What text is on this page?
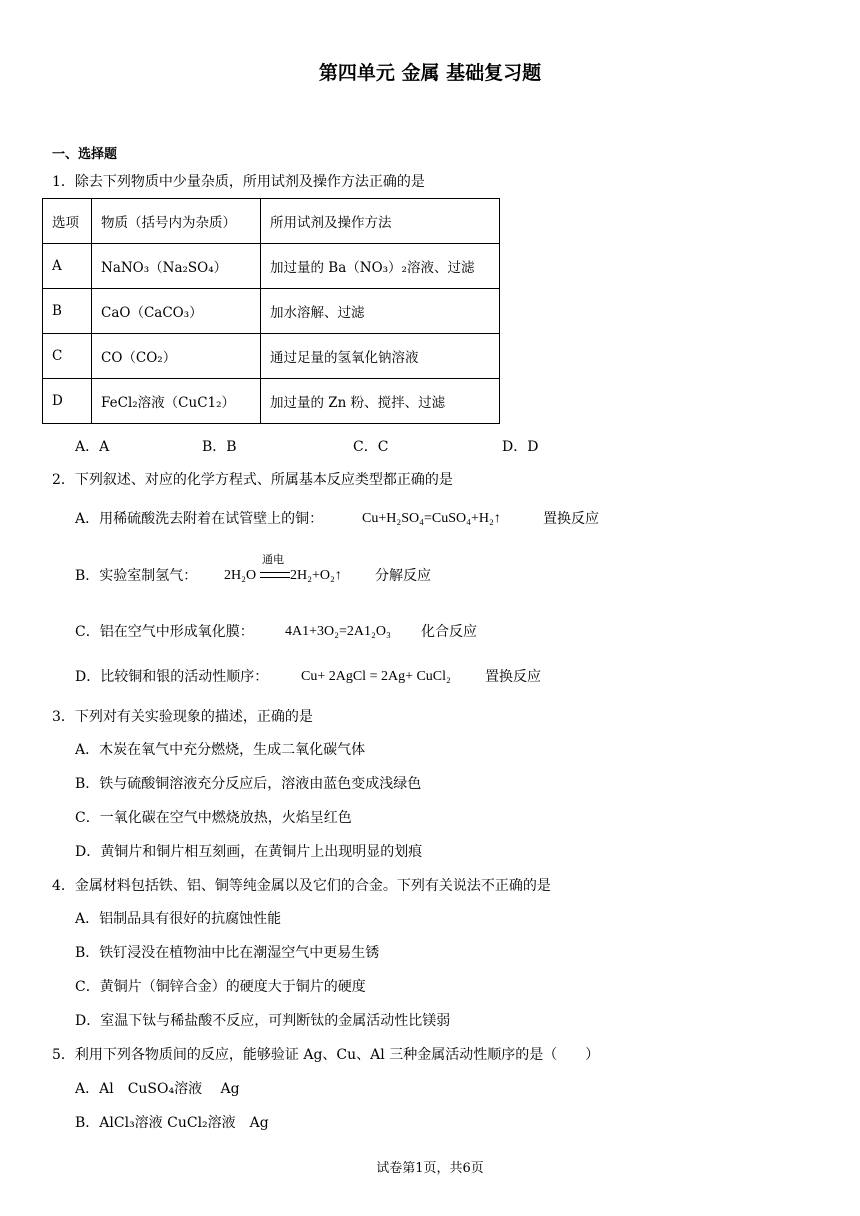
第四单元 金属 基础复习题
一、选择题
1．除去下列物质中少量杂质，所用试剂及操作方法正确的是
选项	物质（括号内为杂质）	所用试剂及操作方法
A	NaNO₃（Na₂SO₄）	加过量的 Ba（NO₃）₂溶液、过滤
B	CaO（CaCO₃）	加水溶解、过滤
C	CO（CO₂）	通过足量的氢氧化钠溶液
D	FeCl₂溶液（CuC1₂）	加过量的 Zn 粉、搅拌、过滤
A．A	B．B	C．C	D．D
2．下列叙述、对应的化学方程式、所属基本反应类型都正确的是
A．用稀硫酸洗去附着在试管壁上的铜：	Cu+H₂SO₄=CuSO₄+H₂↑	置换反应
B．实验室制氢气： 2H₂O
通电
2H₂+O₂↑ 分解反应
C．铝在空气中形成氧化膜： 4A1+3O₂=2A1₂O₃ 化合反应
D．比较铜和银的活动性顺序： Cu+ 2AgCl = 2Ag+ CuCl₂ 置换反应
3．下列对有关实验现象的描述，正确的是
A．木炭在氧气中充分燃烧，生成二氧化碳气体
B．铁与硫酸铜溶液充分反应后，溶液由蓝色变成浅绿色
C．一氧化碳在空气中燃烧放热，火焰呈红色
D．黄铜片和铜片相互刻画，在黄铜片上出现明显的划痕
4．金属材料包括铁、铝、铜等纯金属以及它们的合金。下列有关说法不正确的是
A．铝制品具有很好的抗腐蚀性能
B．铁钉浸没在植物油中比在潮湿空气中更易生锈
C．黄铜片（铜锌合金）的硬度大于铜片的硬度
D．室温下钛与稀盐酸不反应，可判断钛的金属活动性比镁弱
5．利用下列各物质间的反应，能够验证 Ag、Cu、Al 三种金属活动性顺序的是（　　）
A．Al　CuSO₄溶液　 Ag
B．AlCl₃溶液 CuCl₂溶液　Ag
试卷第1页，共6页
